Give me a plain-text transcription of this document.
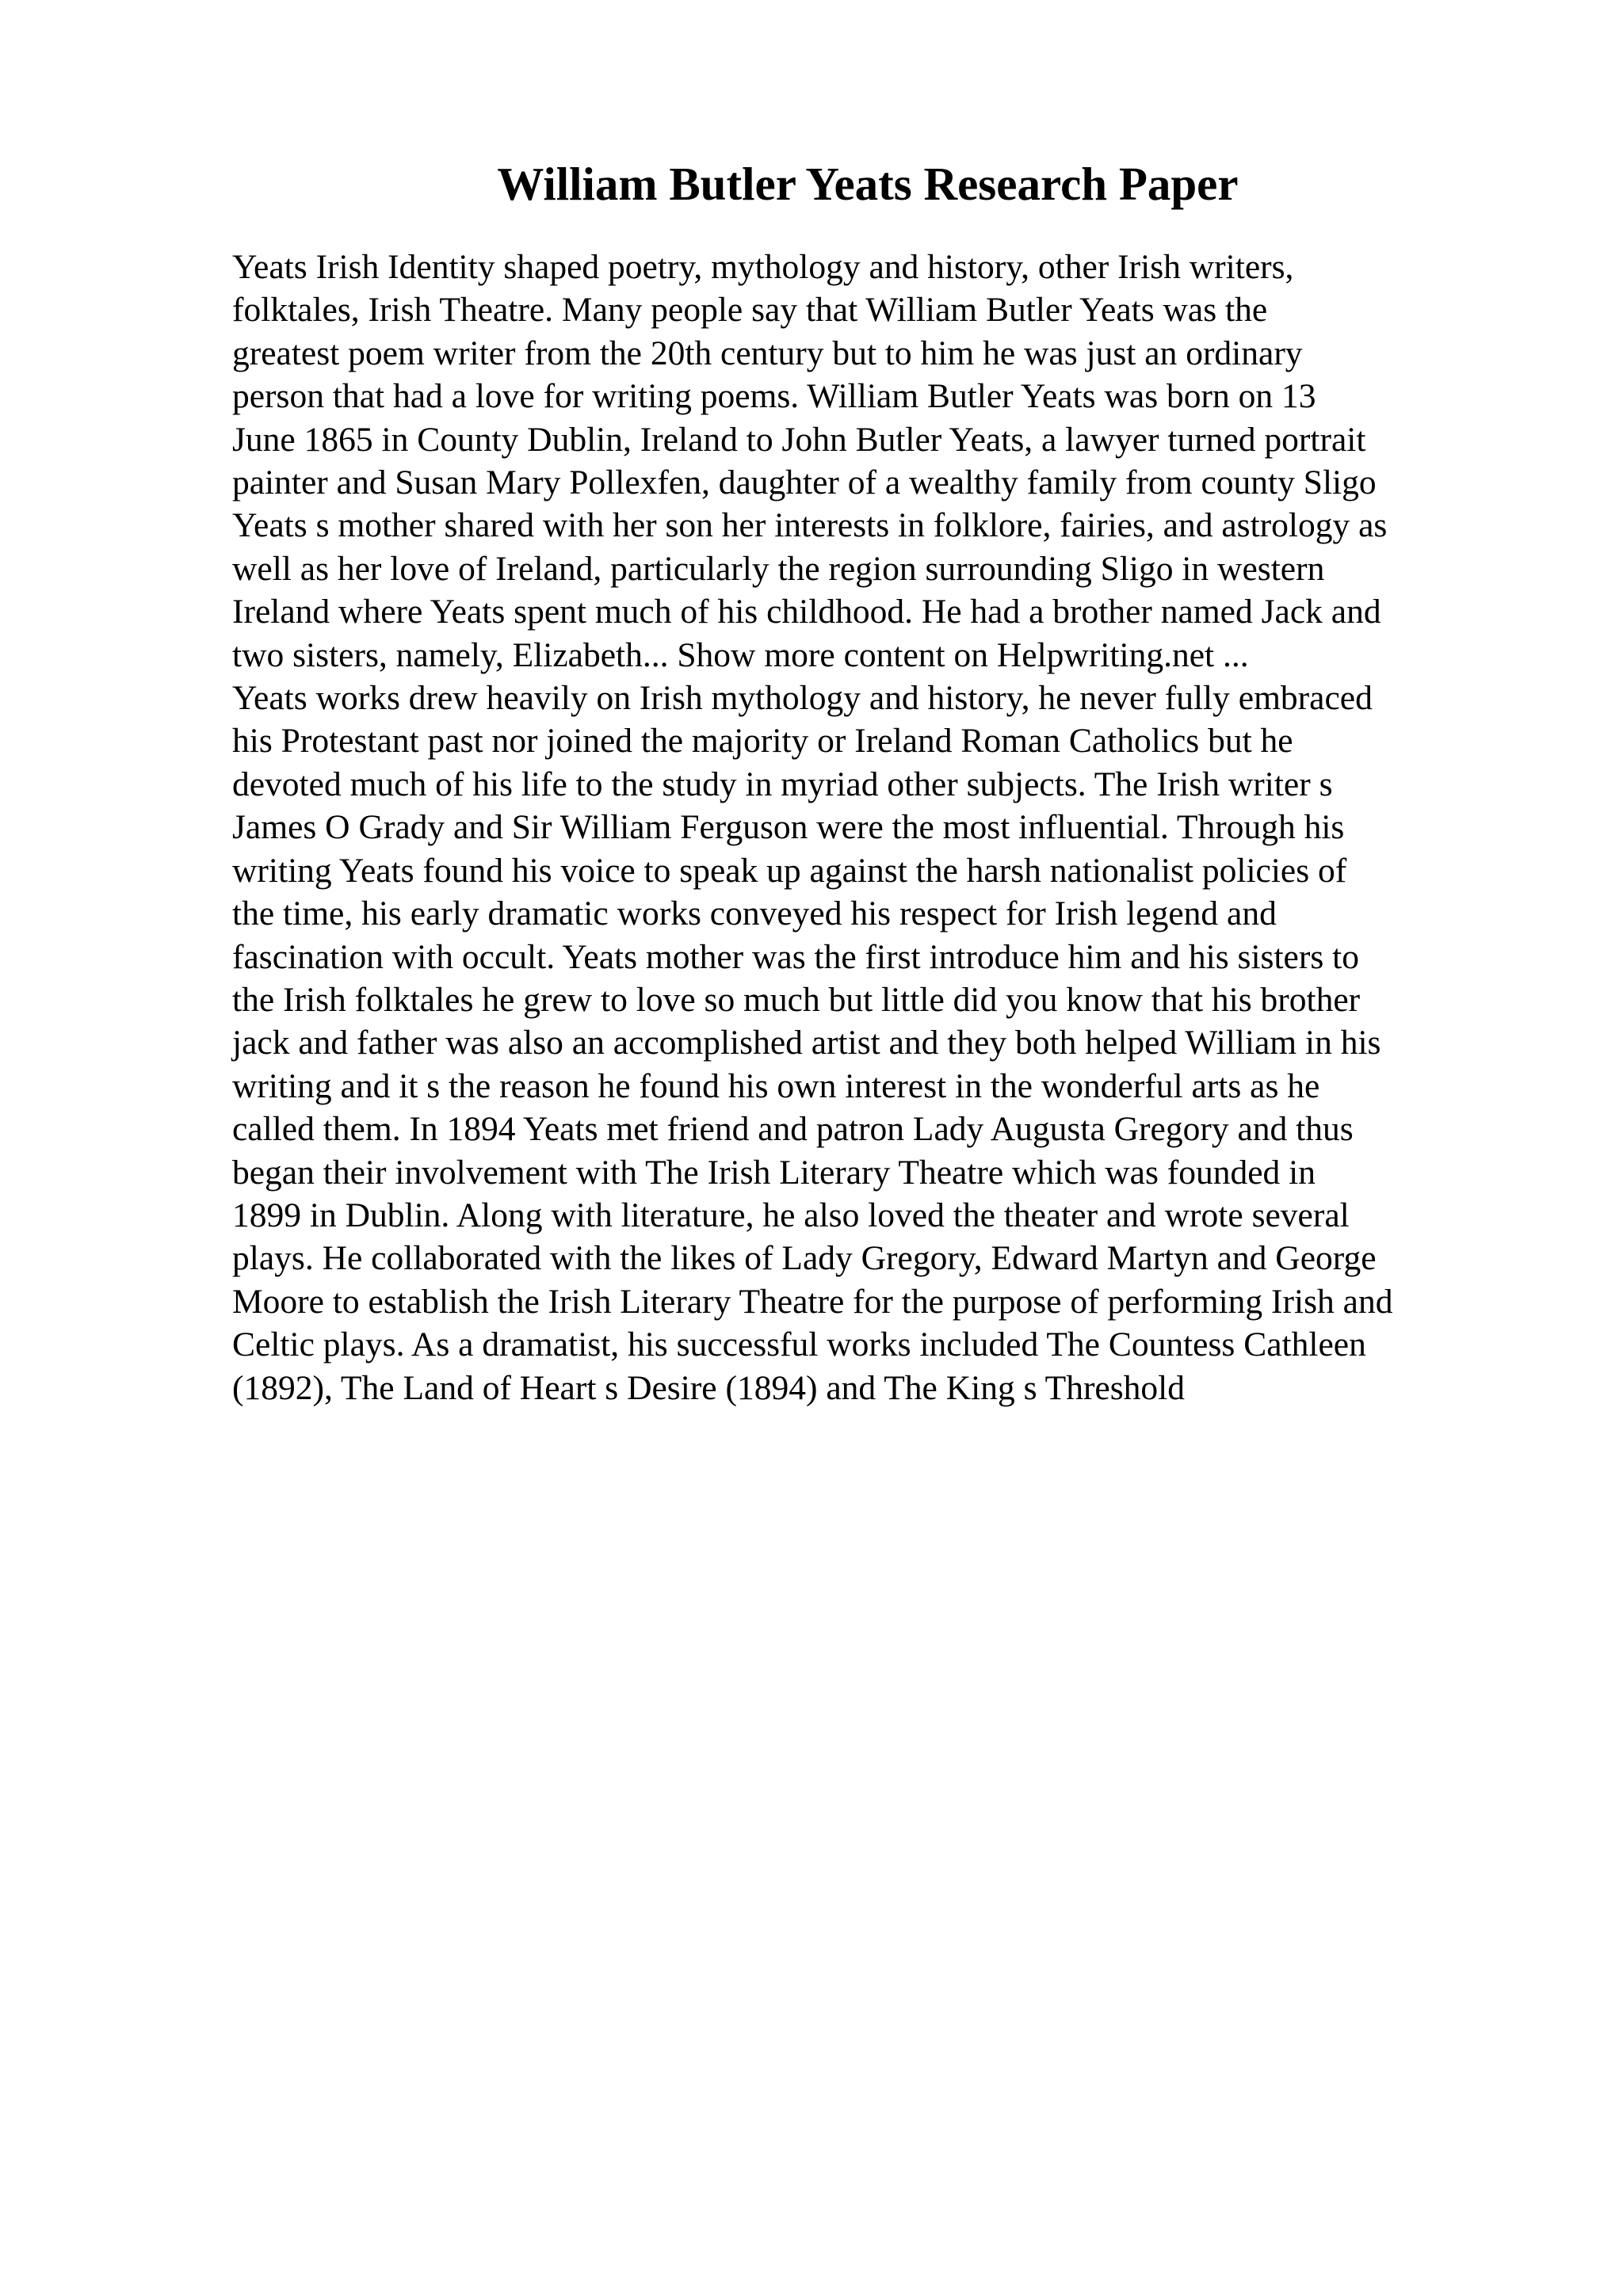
William Butler Yeats Research Paper
Yeats Irish Identity shaped poetry, mythology and history, other Irish writers,
folktales, Irish Theatre. Many people say that William Butler Yeats was the
greatest poem writer from the 20th century but to him he was just an ordinary
person that had a love for writing poems. William Butler Yeats was born on 13
June 1865 in County Dublin, Ireland to John Butler Yeats, a lawyer turned portrait
painter and Susan Mary Pollexfen, daughter of a wealthy family from county Sligo
Yeats s mother shared with her son her interests in folklore, fairies, and astrology as
well as her love of Ireland, particularly the region surrounding Sligo in western
Ireland where Yeats spent much of his childhood. He had a brother named Jack and
two sisters, namely, Elizabeth... Show more content on Helpwriting.net ...
Yeats works drew heavily on Irish mythology and history, he never fully embraced
his Protestant past nor joined the majority or Ireland Roman Catholics but he
devoted much of his life to the study in myriad other subjects. The Irish writer s
James O Grady and Sir William Ferguson were the most influential. Through his
writing Yeats found his voice to speak up against the harsh nationalist policies of
the time, his early dramatic works conveyed his respect for Irish legend and
fascination with occult. Yeats mother was the first introduce him and his sisters to
the Irish folktales he grew to love so much but little did you know that his brother
jack and father was also an accomplished artist and they both helped William in his
writing and it s the reason he found his own interest in the wonderful arts as he
called them. In 1894 Yeats met friend and patron Lady Augusta Gregory and thus
began their involvement with The Irish Literary Theatre which was founded in
1899 in Dublin. Along with literature, he also loved the theater and wrote several
plays. He collaborated with the likes of Lady Gregory, Edward Martyn and George
Moore to establish the Irish Literary Theatre for the purpose of performing Irish and
Celtic plays. As a dramatist, his successful works included The Countess Cathleen
(1892), The Land of Heart s Desire (1894) and The King s Threshold
